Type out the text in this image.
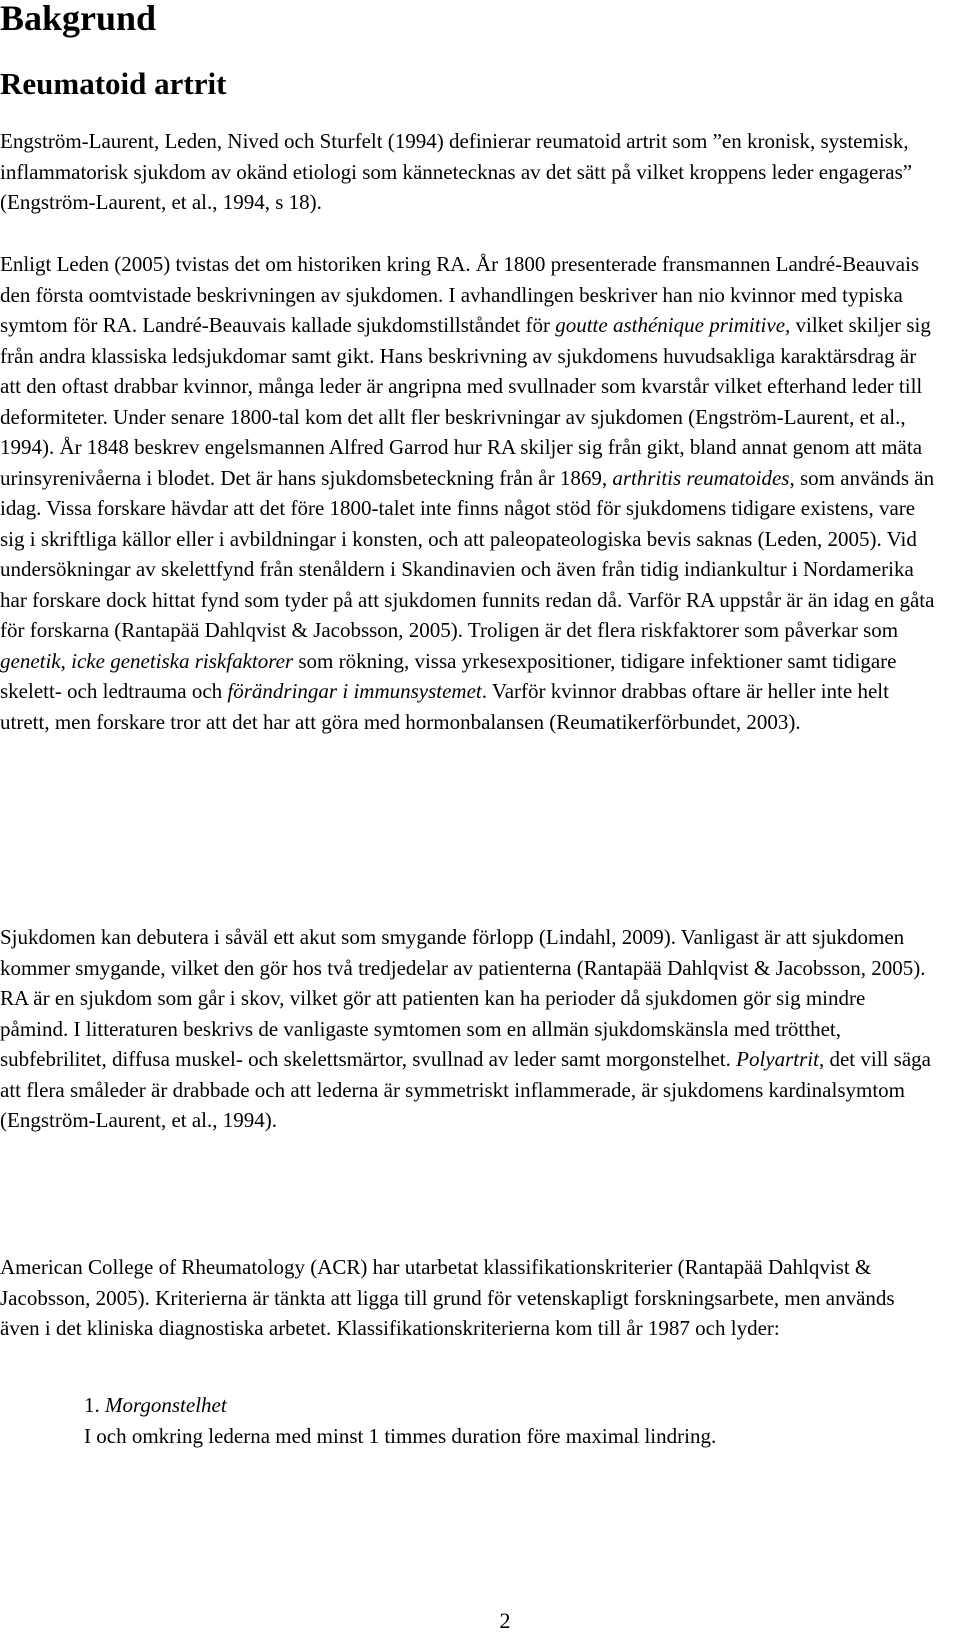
Bakgrund
Reumatoid artrit

Engström-Laurent, Leden, Nived och Sturfelt (1994) definierar reumatoid artrit som ”en kronisk, systemisk, inflammatorisk sjukdom av okänd etiologi som kännetecknas av det sätt på vilket kroppens leder engageras” (Engström-Laurent, et al., 1994, s 18).

Enligt Leden (2005) tvistas det om historiken kring RA. År 1800 presenterade fransmannen Landré-Beauvais den första oomtvistade beskrivningen av sjukdomen. I avhandlingen beskriver han nio kvinnor med typiska symtom för RA. Landré-Beauvais kallade sjukdomstillståndet för goutte asthénique primitive, vilket skiljer sig från andra klassiska ledsjukdomar samt gikt. Hans beskrivning av sjukdomens huvudsakliga karaktärsdrag är att den oftast drabbar kvinnor, många leder är angripna med svullnader som kvarstår vilket efterhand leder till deformiteter. Under senare 1800-tal kom det allt fler beskrivningar av sjukdomen (Engström-Laurent, et al., 1994). År 1848 beskrev engelsmannen Alfred Garrod hur RA skiljer sig från gikt, bland annat genom att mäta urinsyrenivåerna i blodet. Det är hans sjukdomsbeteckning från år 1869, arthritis reumatoides, som används än idag. Vissa forskare hävdar att det före 1800-talet inte finns något stöd för sjukdomens tidigare existens, vare sig i skriftliga källor eller i avbildningar i konsten, och att paleopateologiska bevis saknas (Leden, 2005). Vid undersökningar av skelettfynd från stenåldern i Skandinavien och även från tidig indiankultur i Nordamerika har forskare dock hittat fynd som tyder på att sjukdomen funnits redan då. Varför RA uppstår är än idag en gåta för forskarna (Rantapää Dahlqvist & Jacobsson, 2005). Troligen är det flera riskfaktorer som påverkar som genetik, icke genetiska riskfaktorer som rökning, vissa yrkesexpositioner, tidigare infektioner samt tidigare skelett- och ledtrauma och förändringar i immunsystemet. Varför kvinnor drabbas oftare är heller inte helt utrett, men forskare tror att det har att göra med hormonbalansen (Reumatikerförbundet, 2003).

Sjukdomen kan debutera i såväl ett akut som smygande förlopp (Lindahl, 2009). Vanligast är att sjukdomen kommer smygande, vilket den gör hos två tredjedelar av patienterna (Rantapää Dahlqvist & Jacobsson, 2005). RA är en sjukdom som går i skov, vilket gör att patienten kan ha perioder då sjukdomen gör sig mindre påmind. I litteraturen beskrivs de vanligaste symtomen som en allmän sjukdomskänsla med trötthet, subfebrilitet, diffusa muskel- och skelettsmärtor, svullnad av leder samt morgonstelhet. Polyartrit, det vill säga att flera småleder är drabbade och att lederna är symmetriskt inflammerade, är sjukdomens kardinalsymtom (Engström-Laurent, et al., 1994).

American College of Rheumatology (ACR) har utarbetat klassifikationskriterier (Rantapää Dahlqvist & Jacobsson, 2005). Kriterierna är tänkta att ligga till grund för vetenskapligt forskningsarbete, men används även i det kliniska diagnostiska arbetet. Klassifikationskriterierna kom till år 1987 och lyder:

1. Morgonstelhet
I och omkring lederna med minst 1 timmes duration före maximal lindring.
2
